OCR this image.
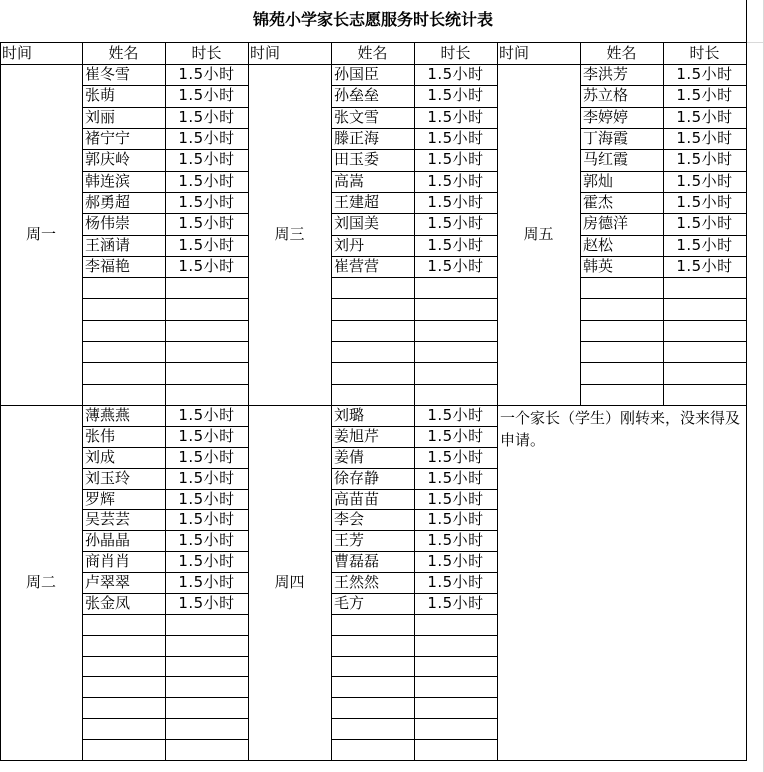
锦苑小学家长志愿服务时长统计表
时间	姓名	时长	时间	姓名	时长	时间	姓名	时长
周一
崔冬雪	1.5小时
张萌	1.5小时
刘丽	1.5小时
褚宁宁	1.5小时
郭庆岭	1.5小时
韩连滨	1.5小时
郝勇超	1.5小时
杨伟崇	1.5小时
王涵请	1.5小时
李福艳	1.5小时
周三
孙国臣	1.5小时
孙垒垒	1.5小时
张文雪	1.5小时
滕正海	1.5小时
田玉委	1.5小时
高嵩	1.5小时
王建超	1.5小时
刘国美	1.5小时
刘丹	1.5小时
崔营营	1.5小时
周五
李洪芳	1.5小时
苏立格	1.5小时
李婷婷	1.5小时
丁海霞	1.5小时
马红霞	1.5小时
郭灿	1.5小时
霍杰	1.5小时
房德洋	1.5小时
赵松	1.5小时
韩英	1.5小时
周二
薄燕燕	1.5小时
张伟	1.5小时
刘成	1.5小时
刘玉玲	1.5小时
罗辉	1.5小时
吴芸芸	1.5小时
孙晶晶	1.5小时
商肖肖	1.5小时
卢翠翠	1.5小时
张金凤	1.5小时
周四
刘璐	1.5小时
姜旭芹	1.5小时
姜倩	1.5小时
徐存静	1.5小时
高苗苗	1.5小时
李会	1.5小时
王芳	1.5小时
曹磊磊	1.5小时
王然然	1.5小时
毛方	1.5小时
一个家长（学生）刚转来，没来得及申请。
